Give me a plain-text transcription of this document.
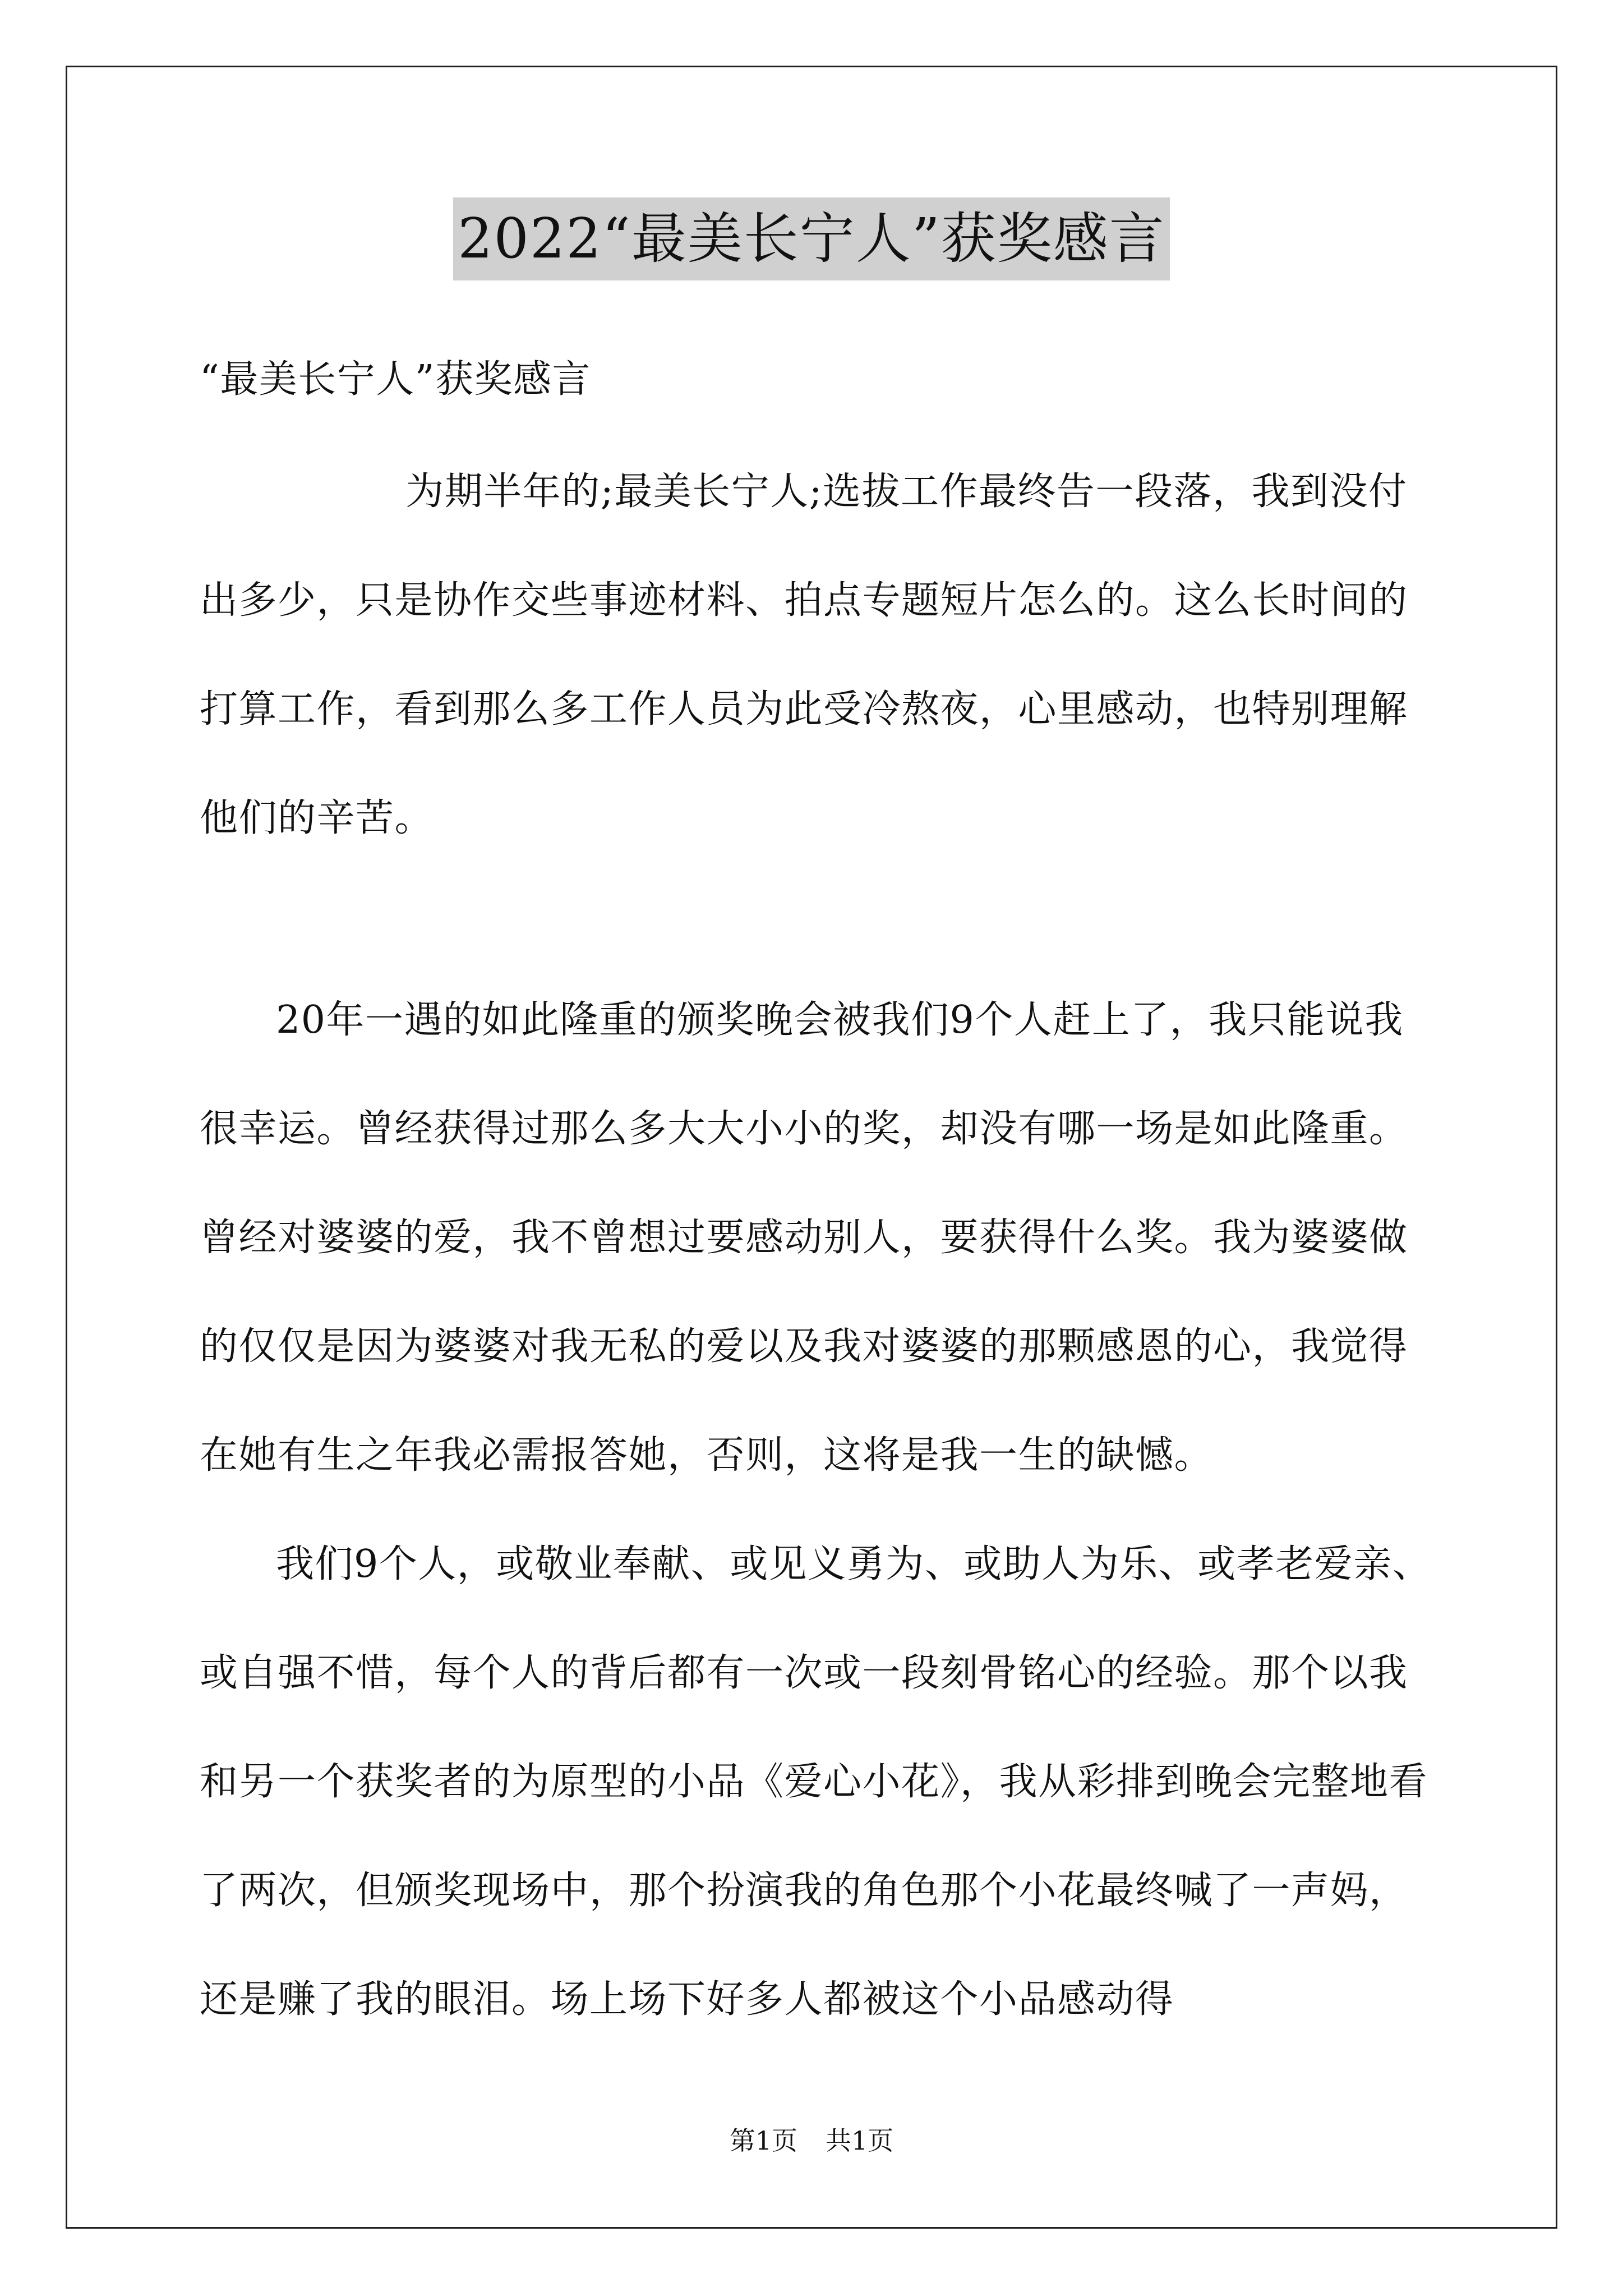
2022“最美长宁人”获奖感言
“最美长宁人”获奖感言

为期半年的;最美长宁人;选拔工作最终告一段落，我到没付出多少，只是协作交些事迹材料、拍点专题短片怎么的。这么长时间的打算工作，看到那么多工作人员为此受冷熬夜，心里感动，也特别理解他们的辛苦。

20年一遇的如此隆重的颁奖晚会被我们9个人赶上了，我只能说我很幸运。曾经获得过那么多大大小小的奖，却没有哪一场是如此隆重。曾经对婆婆的爱，我不曾想过要感动别人，要获得什么奖。我为婆婆做的仅仅是因为婆婆对我无私的爱以及我对婆婆的那颗感恩的心，我觉得在她有生之年我必需报答她，否则，这将是我一生的缺憾。

我们9个人，或敬业奉献、或见义勇为、或助人为乐、或孝老爱亲、或自强不惜，每个人的背后都有一次或一段刻骨铭心的经验。那个以我和另一个获奖者的为原型的小品《爱心小花》，我从彩排到晚会完整地看了两次，但颁奖现场中，那个扮演我的角色那个小花最终喊了一声妈，还是赚了我的眼泪。场上场下好多人都被这个小品感动得

第1页 共1页
